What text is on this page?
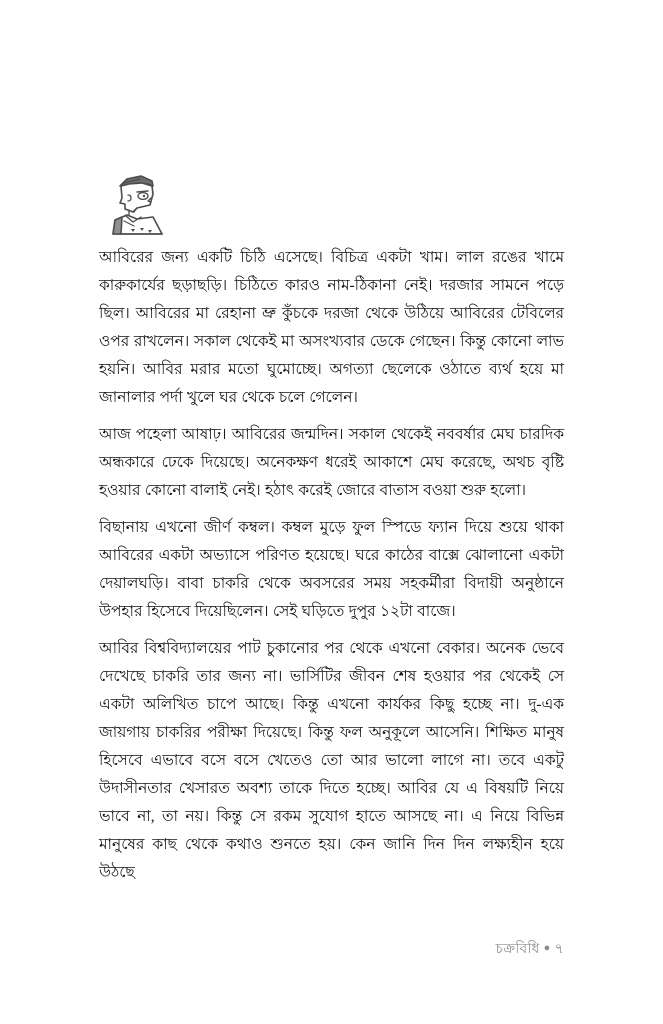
আবিরের জন্য একটি চিঠি এসেছে। বিচিত্র একটা খাম। লাল রঙের খামে কারুকার্যের ছড়াছড়ি। চিঠিতে কারও নাম-ঠিকানা নেই। দরজার সামনে পড়ে ছিল। আবিরের মা রেহানা ভ্রু কুঁচকে দরজা থেকে উঠিয়ে আবিরের টেবিলের ওপর রাখলেন। সকাল থেকেই মা অসংখ্যবার ডেকে গেছেন। কিন্তু কোনো লাভ হয়নি। আবির মরার মতো ঘুমোচ্ছে। অগত্যা ছেলেকে ওঠাতে ব্যর্থ হয়ে মা জানালার পর্দা খুলে ঘর থেকে চলে গেলেন।

আজ পহেলা আষাঢ়। আবিরের জন্মদিন। সকাল থেকেই নববর্ষার মেঘ চারদিক অন্ধকারে ঢেকে দিয়েছে। অনেকক্ষণ ধরেই আকাশে মেঘ করেছে, অথচ বৃষ্টি হওয়ার কোনো বালাই নেই। হঠাৎ করেই জোরে বাতাস বওয়া শুরু হলো।

বিছানায় এখনো জীর্ণ কম্বল। কম্বল মুড়ে ফুল স্পিডে ফ্যান দিয়ে শুয়ে থাকা আবিরের একটা অভ্যাসে পরিণত হয়েছে। ঘরে কাঠের বাক্সে ঝোলানো একটা দেয়ালঘড়ি। বাবা চাকরি থেকে অবসরের সময় সহকর্মীরা বিদায়ী অনুষ্ঠানে উপহার হিসেবে দিয়েছিলেন। সেই ঘড়িতে দুপুর ১২টা বাজে।

আবির বিশ্ববিদ্যালয়ের পাট চুকানোর পর থেকে এখনো বেকার। অনেক ভেবে দেখেছে চাকরি তার জন্য না। ভার্সিটির জীবন শেষ হওয়ার পর থেকেই সে একটা অলিখিত চাপে আছে। কিন্তু এখনো কার্যকর কিছু হচ্ছে না। দু-এক জায়গায় চাকরির পরীক্ষা দিয়েছে। কিন্তু ফল অনুকূলে আসেনি। শিক্ষিত মানুষ হিসেবে এভাবে বসে বসে খেতেও তো আর ভালো লাগে না। তবে একটু উদাসীনতার খেসারত অবশ্য তাকে দিতে হচ্ছে। আবির যে এ বিষয়টি নিয়ে ভাবে না, তা নয়। কিন্তু সে রকম সুযোগ হাতে আসছে না। এ নিয়ে বিভিন্ন মানুষের কাছ থেকে কথাও শুনতে হয়। কেন জানি দিন দিন লক্ষ্যহীন হয়ে উঠছে

চক্রবিধি ● ৭
